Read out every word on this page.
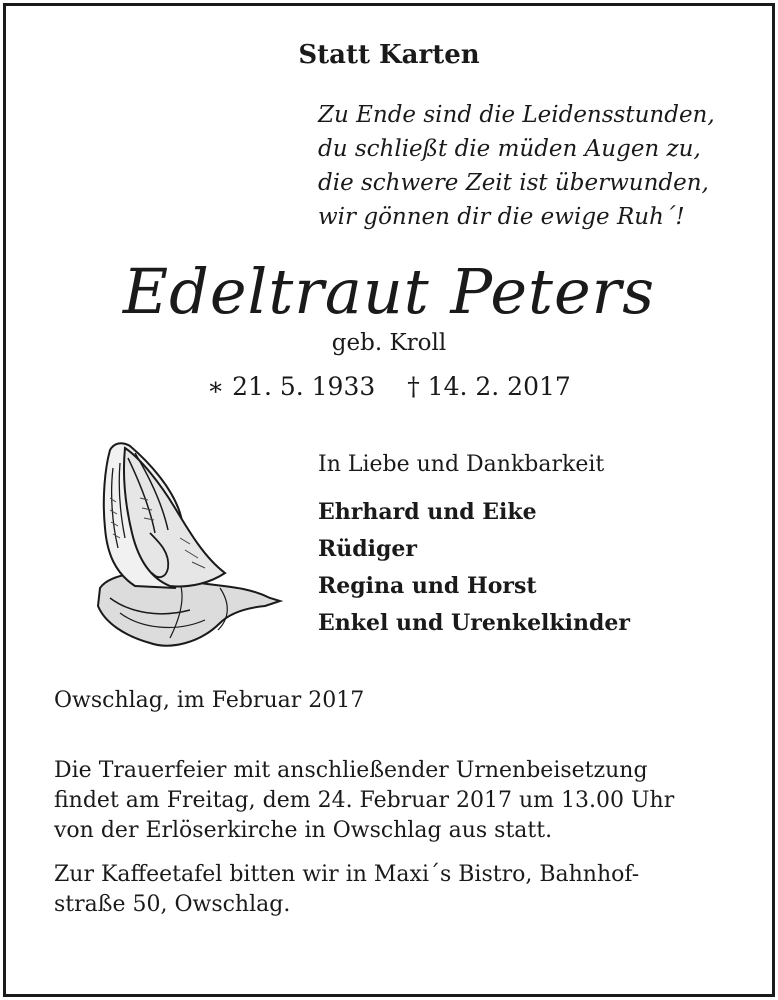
Statt Karten
Zu Ende sind die Leidensstunden,
du schließt die müden Augen zu,
die schwere Zeit ist überwunden,
wir gönnen dir die ewige Ruh´!
Edeltraut Peters
geb. Kroll
∗ 21. 5. 1933 † 14. 2. 2017
In Liebe und Dankbarkeit
Ehrhard und Eike
Rüdiger
Regina und Horst
Enkel und Urenkelkinder
Owschlag, im Februar 2017
Die Trauerfeier mit anschließender Urnenbeisetzung
findet am Freitag, dem 24. Februar 2017 um 13.00 Uhr
von der Erlöserkirche in Owschlag aus statt.
Zur Kaffeetafel bitten wir in Maxi´s Bistro, Bahnhof-
straße 50, Owschlag.
